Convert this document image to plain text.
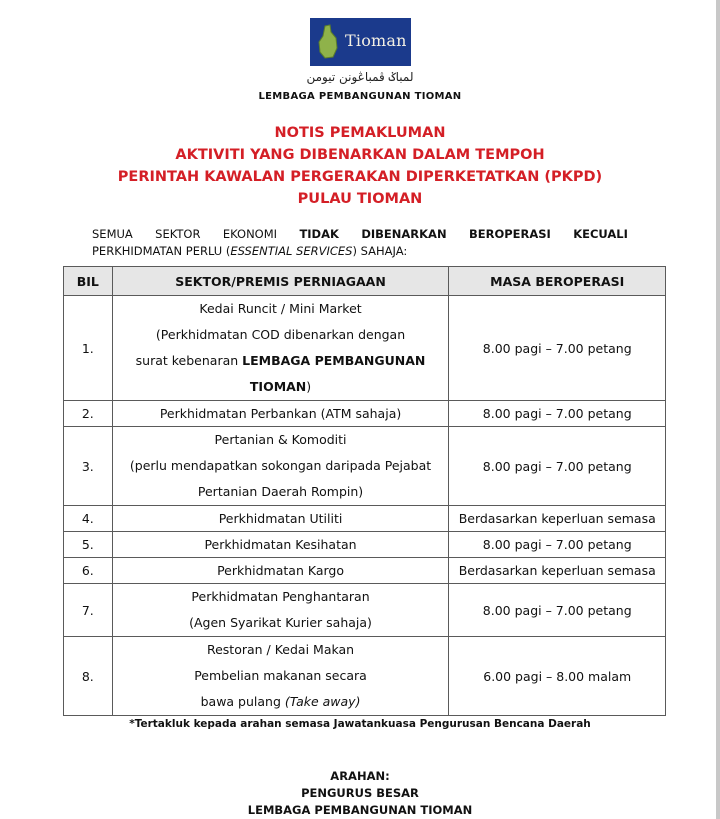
Tioman
لمباݢ ڤمباڠونن تيومن
LEMBAGA PEMBANGUNAN TIOMAN
NOTIS PEMAKLUMAN
AKTIVITI YANG DIBENARKAN DALAM TEMPOH
PERINTAH KAWALAN PERGERAKAN DIPERKETATKAN (PKPD)
PULAU TIOMAN
SEMUA SEKTOR EKONOMI TIDAK DIBENARKAN BEROPERASI KECUALI
PERKHIDMATAN PERLU (ESSENTIAL SERVICES) SAHAJA:
BIL	SEKTOR/PREMIS PERNIAGAAN	MASA BEROPERASI
1.	Kedai Runcit / Mini Market
(Perkhidmatan COD dibenarkan dengan
surat kebenaran LEMBAGA PEMBANGUNAN
TIOMAN)	8.00 pagi – 7.00 petang
2.	Perkhidmatan Perbankan (ATM sahaja)	8.00 pagi – 7.00 petang
3.	Pertanian & Komoditi
(perlu mendapatkan sokongan daripada Pejabat
Pertanian Daerah Rompin)	8.00 pagi – 7.00 petang
4.	Perkhidmatan Utiliti	Berdasarkan keperluan semasa
5.	Perkhidmatan Kesihatan	8.00 pagi – 7.00 petang
6.	Perkhidmatan Kargo	Berdasarkan keperluan semasa
7.	Perkhidmatan Penghantaran
(Agen Syarikat Kurier sahaja)	8.00 pagi – 7.00 petang
8.	Restoran / Kedai Makan
Pembelian makanan secara
bawa pulang (Take away)	6.00 pagi – 8.00 malam
*Tertakluk kepada arahan semasa Jawatankuasa Pengurusan Bencana Daerah
ARAHAN:
PENGURUS BESAR
LEMBAGA PEMBANGUNAN TIOMAN
